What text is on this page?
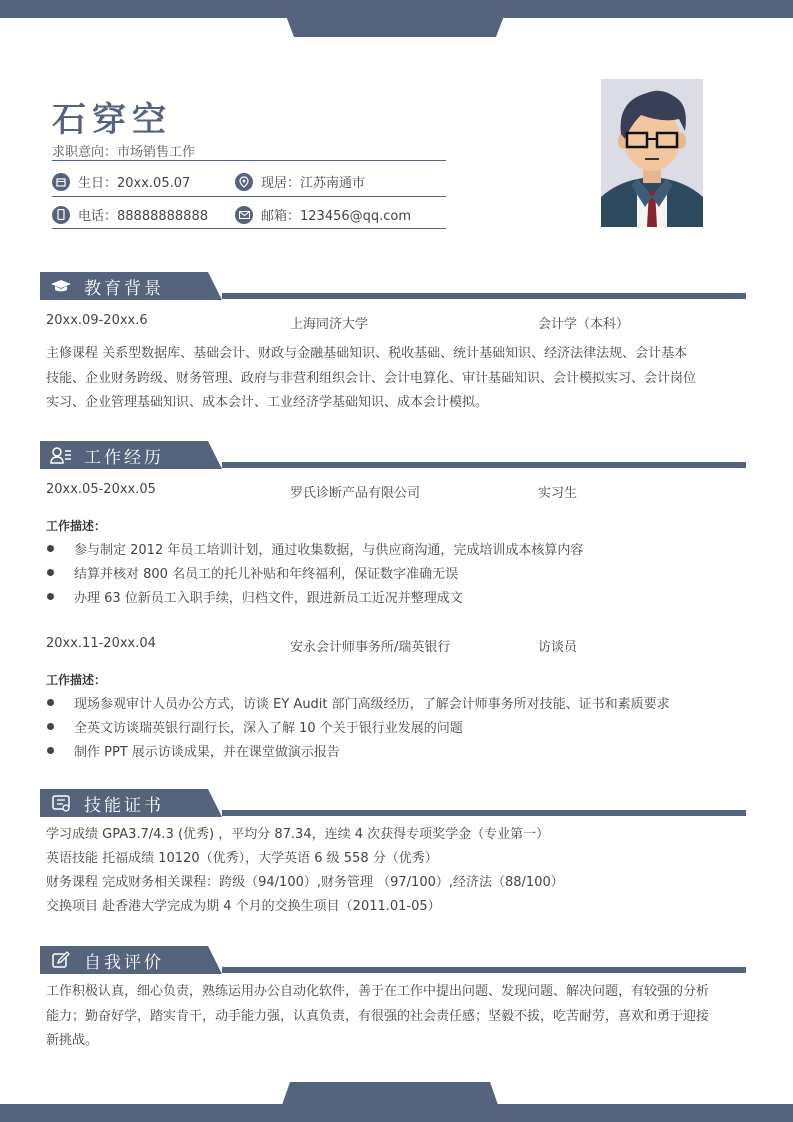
石穿空
求职意向：市场销售工作
生日：20xx.05.07	现居：江苏南通市
电话：88888888888	邮箱：123456@qq.com
教育背景
20xx.09-20xx.6	上海同济大学	会计学（本科）
主修课程 关系型数据库、基础会计、财政与金融基础知识、税收基础、统计基础知识、经济法律法规、会计基本
技能、企业财务跨级、财务管理、政府与非营利组织会计、会计电算化、审计基础知识、会计模拟实习、会计岗位
实习、企业管理基础知识、成本会计、工业经济学基础知识、成本会计模拟。
工作经历
20xx.05-20xx.05	罗氏诊断产品有限公司	实习生
工作描述：
参与制定 2012 年员工培训计划，通过收集数据，与供应商沟通，完成培训成本核算内容
结算并核对 800 名员工的托儿补贴和年终福利，保证数字准确无误
办理 63 位新员工入职手续，归档文件，跟进新员工近况并整理成文
20xx.11-20xx.04	安永会计师事务所/瑞英银行	访谈员
工作描述：
现场参观审计人员办公方式，访谈 EY Audit 部门高级经历，了解会计师事务所对技能、证书和素质要求
全英文访谈瑞英银行副行长，深入了解 10 个关于银行业发展的问题
制作 PPT 展示访谈成果，并在课堂做演示报告
技能证书
学习成绩 GPA3.7/4.3 (优秀) ，平均分 87.34，连续 4 次获得专项奖学金（专业第一）
英语技能 托福成绩 10120（优秀），大学英语 6 级 558 分（优秀）
财务课程 完成财务相关课程：跨级（94/100）,财务管理 （97/100）,经济法（88/100）
交换项目 赴香港大学完成为期 4 个月的交换生项目（2011.01-05）
自我评价
工作积极认真，细心负责，熟练运用办公自动化软件，善于在工作中提出问题、发现问题、解决问题，有较强的分析
能力；勤奋好学，踏实肯干，动手能力强，认真负责，有很强的社会责任感；坚毅不拔，吃苦耐劳，喜欢和勇于迎接
新挑战。
